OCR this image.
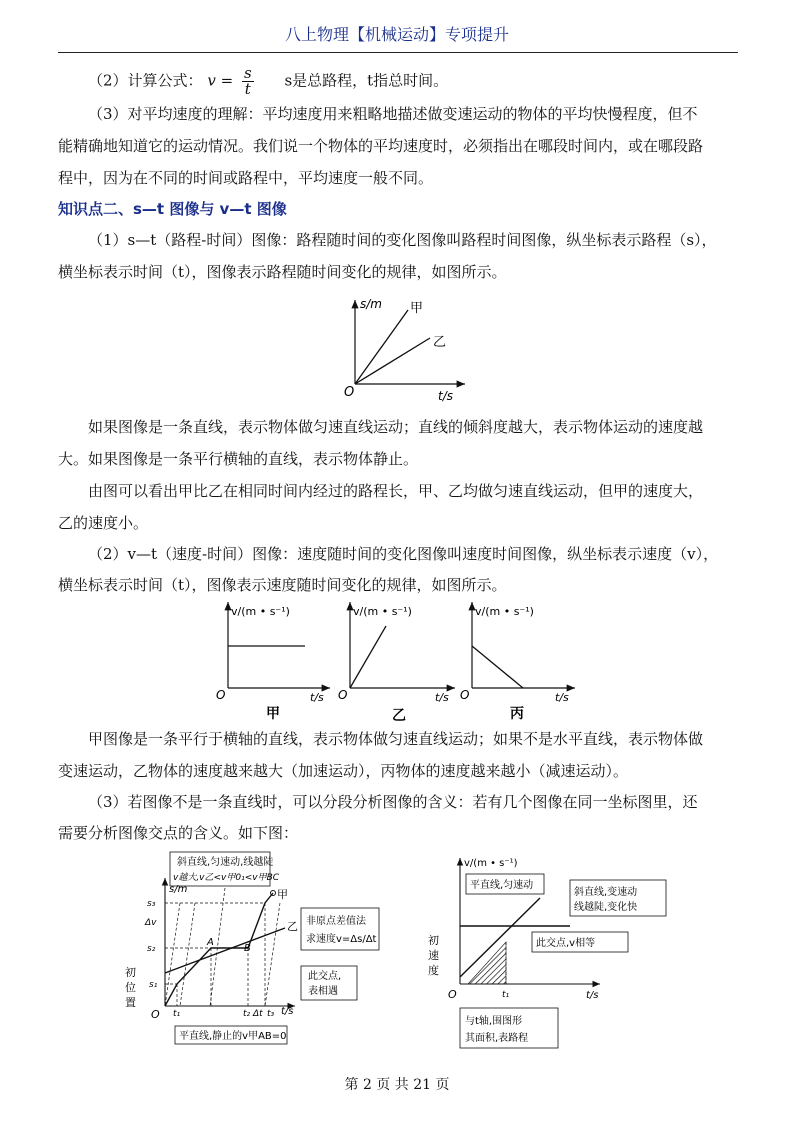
八上物理【机械运动】专项提升
（2）计算公式： $v = \frac{s}{t}$ s是总路程，t指总时间。
（3）对平均速度的理解：平均速度用来粗略地描述做变速运动的物体的平均快慢程度，但不
能精确地知道它的运动情况。我们说一个物体的平均速度时，必须指出在哪段时间内，或在哪段路
程中，因为在不同的时间或路程中，平均速度一般不同。
知识点二、s—t 图像与 v—t 图像
（1）s—t（路程-时间）图像：路程随时间的变化图像叫路程时间图像，纵坐标表示路程（s），
横坐标表示时间（t），图像表示路程随时间变化的规律，如图所示。
s/m 甲
乙
O	t/s
如果图像是一条直线，表示物体做匀速直线运动；直线的倾斜度越大，表示物体运动的速度越
大。如果图像是一条平行横轴的直线，表示物体静止。
由图可以看出甲比乙在相同时间内经过的路程长，甲、乙均做匀速直线运动，但甲的速度大，
乙的速度小。
（2）v—t（速度-时间）图像：速度随时间的变化图像叫速度时间图像，纵坐标表示速度（v），
横坐标表示时间（t），图像表示速度随时间变化的规律，如图所示。
v/(m • s⁻¹)
O	t/s
甲
v/(m • s⁻¹)
O	t/s
乙
v/(m • s⁻¹)
O	t/s
丙
甲图像是一条平行于横轴的直线，表示物体做匀速直线运动；如果不是水平直线，表示物体做
变速运动，乙物体的速度越来越大（加速运动），丙物体的速度越来越小（减速运动）。
（3）若图像不是一条直线时，可以分段分析图像的含义：若有几个图像在同一坐标图里，还
需要分析图像交点的含义。如下图：
斜直线,匀速动,线越陡
v越大,v乙<v甲0₁<v甲BC
s/m	甲
乙
A
B
s₃
Δv
s₂
s₁
初
位
置
O t₁	t₂ Δt t₃ t/s
非原点差值法
求速度v=Δs/Δt
此交点,
表相遇
平直线,静止的v甲AB=0
v/(m • s⁻¹)
平直线,匀速动
斜直线,变速动
线越陡,变化快
此交点,v相等
初
速
度
O	t₁	t/s
与t轴,围图形
其面积,表路程
第 2 页 共 21 页
